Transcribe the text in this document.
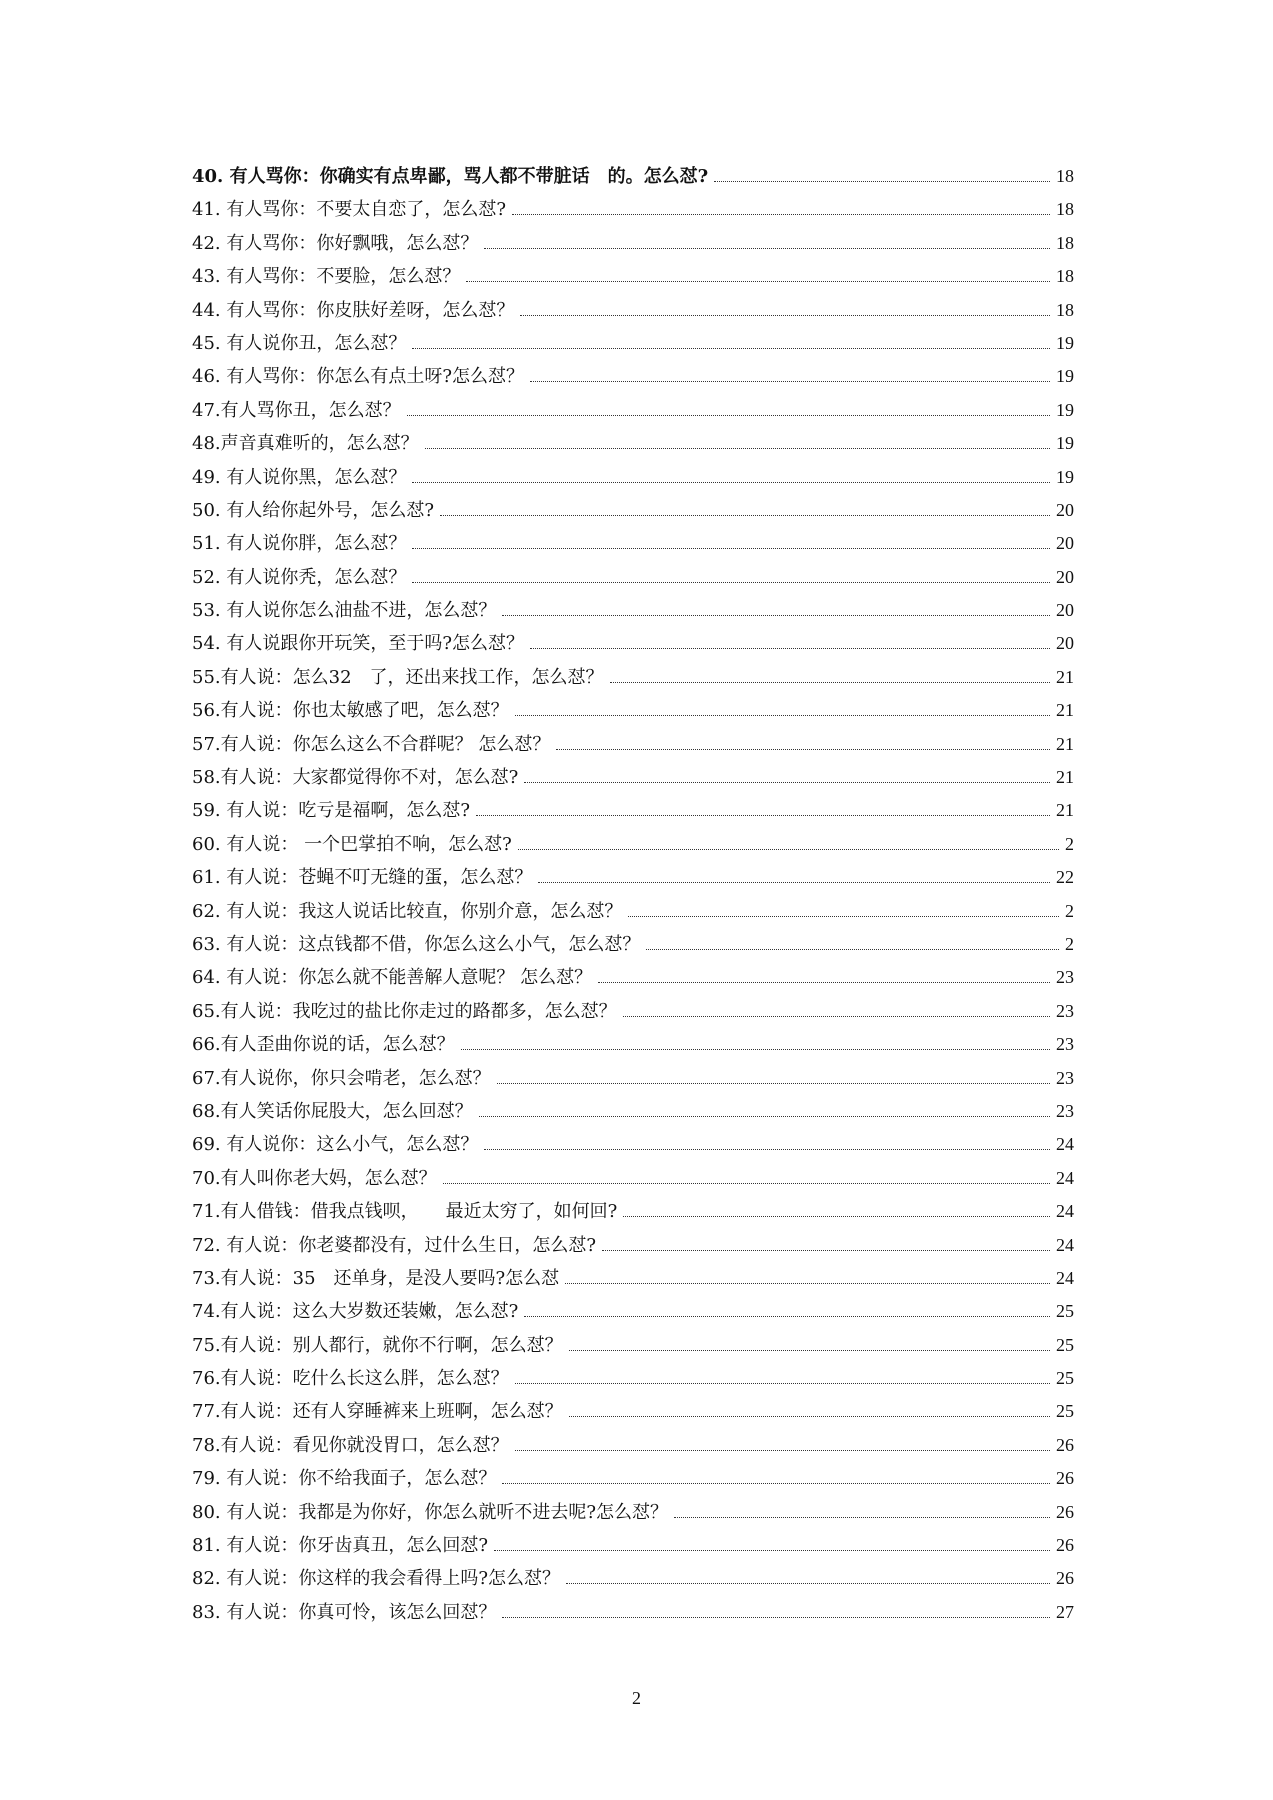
40. 有人骂你：你确实有点卑鄙，骂人都不带脏话　的。怎么怼?	18
41. 有人骂你：不要太自恋了，怎么怼?	18
42. 有人骂你：你好飘哦，怎么怼？	18
43. 有人骂你：不要脸，怎么怼？	18
44. 有人骂你：你皮肤好差呀，怎么怼？	18
45. 有人说你丑，怎么怼？	19
46. 有人骂你：你怎么有点土呀?怎么怼？	19
47.有人骂你丑，怎么怼？	19
48.声音真难听的，怎么怼？	19
49. 有人说你黑，怎么怼？	19
50. 有人给你起外号，怎么怼?	20
51. 有人说你胖，怎么怼？	20
52. 有人说你秃，怎么怼？	20
53. 有人说你怎么油盐不进，怎么怼？	20
54. 有人说跟你开玩笑，至于吗?怎么怼？	20
55.有人说：怎么32　了，还出来找工作，怎么怼？	21
56.有人说：你也太敏感了吧，怎么怼？	21
57.有人说：你怎么这么不合群呢？ 怎么怼？	21
58.有人说：大家都觉得你不对，怎么怼?	21
59. 有人说：吃亏是福啊，怎么怼?	21
60. 有人说： 一个巴掌拍不响，怎么怼?	2
61. 有人说：苍蝇不叮无缝的蛋，怎么怼？	22
62. 有人说：我这人说话比较直，你别介意，怎么怼？	2
63. 有人说：这点钱都不借，你怎么这么小气，怎么怼？	2
64. 有人说：你怎么就不能善解人意呢？ 怎么怼？	23
65.有人说：我吃过的盐比你走过的路都多，怎么怼？	23
66.有人歪曲你说的话，怎么怼？	23
67.有人说你，你只会啃老，怎么怼？	23
68.有人笑话你屁股大，怎么回怼？	23
69. 有人说你：这么小气，怎么怼？	24
70.有人叫你老大妈，怎么怼？	24
71.有人借钱：借我点钱呗，　　最近太穷了，如何回?	24
72. 有人说：你老婆都没有，过什么生日，怎么怼?	24
73.有人说：35　还单身，是没人要吗?怎么怼	24
74.有人说：这么大岁数还装嫩，怎么怼?	25
75.有人说：别人都行，就你不行啊，怎么怼？	25
76.有人说：吃什么长这么胖，怎么怼？	25
77.有人说：还有人穿睡裤来上班啊，怎么怼？	25
78.有人说：看见你就没胃口，怎么怼？	26
79. 有人说：你不给我面子，怎么怼？	26
80. 有人说：我都是为你好，你怎么就听不进去呢?怎么怼？	26
81. 有人说：你牙齿真丑，怎么回怼?	26
82. 有人说：你这样的我会看得上吗?怎么怼？	26
83. 有人说：你真可怜，该怎么回怼？	27
2
